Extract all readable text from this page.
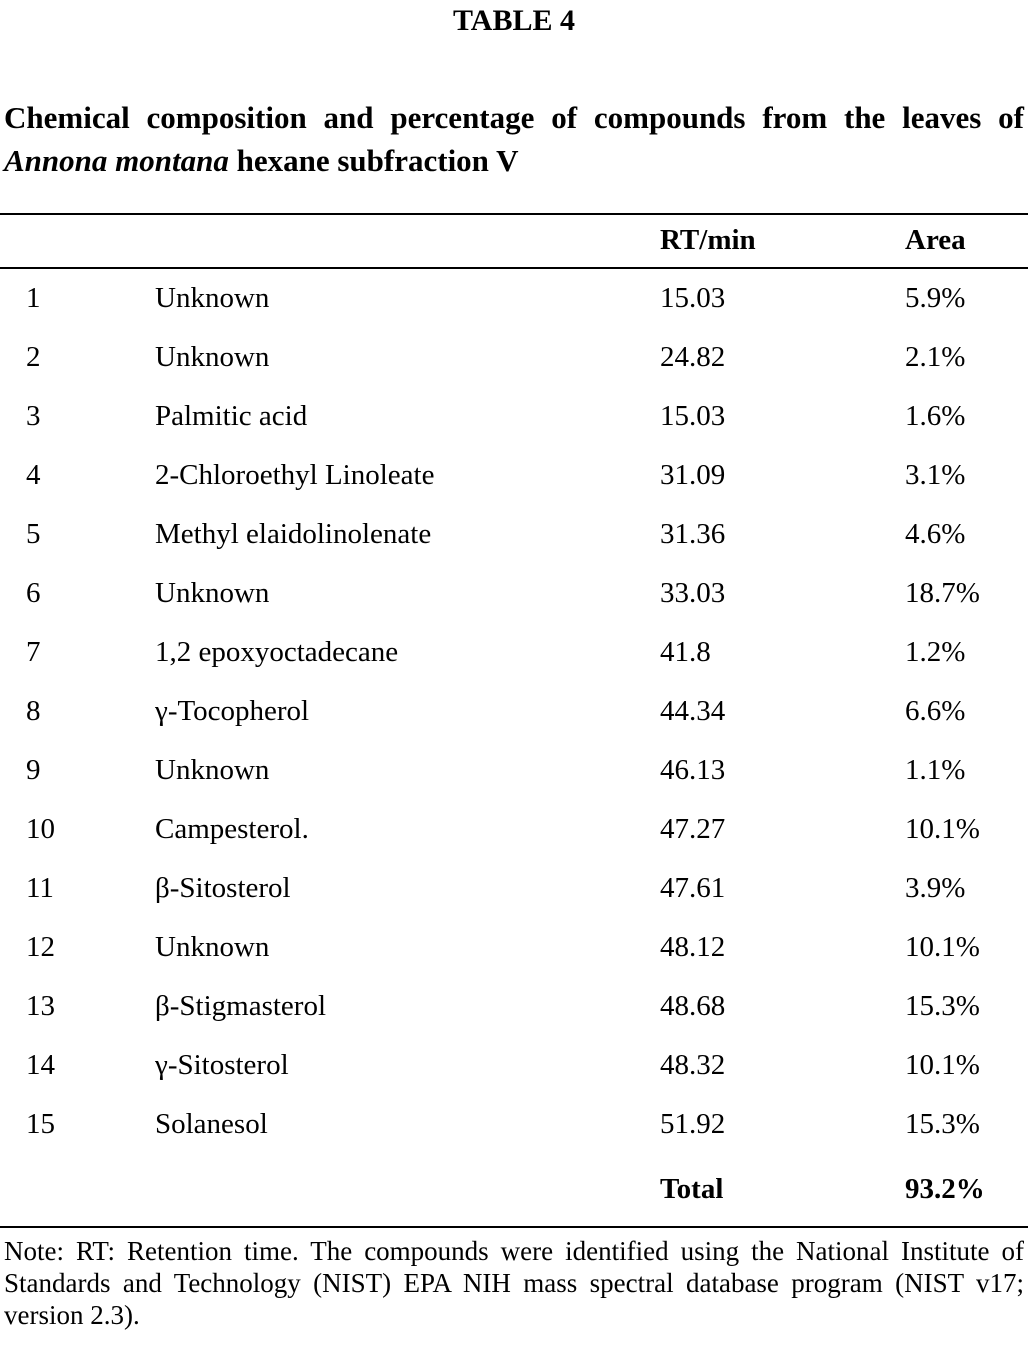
TABLE 4
Chemical composition and percentage of compounds from the leaves of Annona montana hexane subfraction V
		RT/min	Area
1	Unknown	15.03	5.9%
2	Unknown	24.82	2.1%
3	Palmitic acid	15.03	1.6%
4	2-Chloroethyl Linoleate	31.09	3.1%
5	Methyl elaidolinolenate	31.36	4.6%
6	Unknown	33.03	18.7%
7	1,2 epoxyoctadecane	41.8	1.2%
8	γ-Tocopherol	44.34	6.6%
9	Unknown	46.13	1.1%
10	Campesterol.	47.27	10.1%
11	β-Sitosterol	47.61	3.9%
12	Unknown	48.12	10.1%
13	β-Stigmasterol	48.68	15.3%
14	γ-Sitosterol	48.32	10.1%
15	Solanesol	51.92	15.3%
		Total	93.2%
Note: RT: Retention time. The compounds were identified using the National Institute of Standards and Technology (NIST) EPA NIH mass spectral database program (NIST v17; version 2.3).
